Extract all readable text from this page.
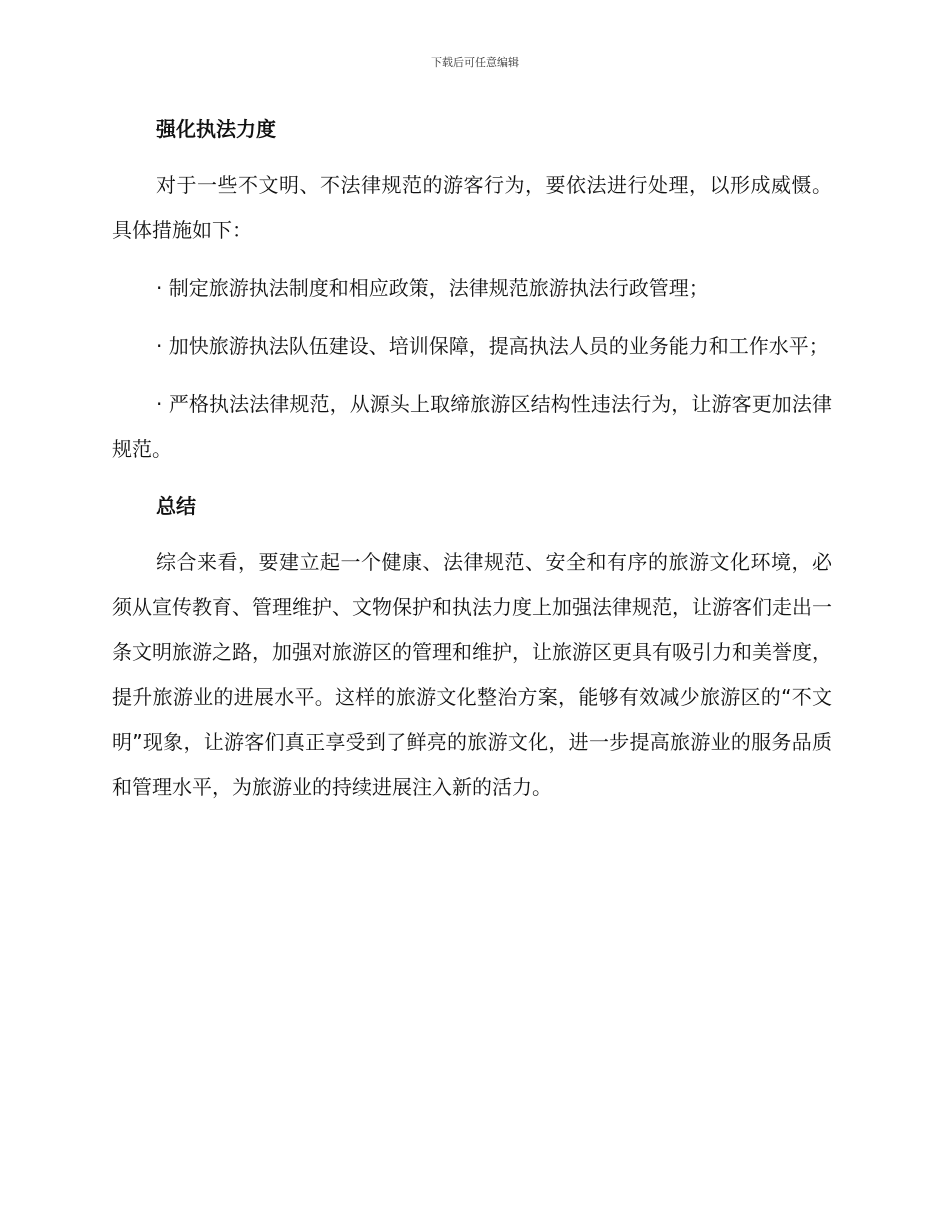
下载后可任意编辑
强化执法力度

对于一些不文明、不法律规范的游客行为，要依法进行处理，以形成威慑。具体措施如下：

· 制定旅游执法制度和相应政策，法律规范旅游执法行政管理；

· 加快旅游执法队伍建设、培训保障，提高执法人员的业务能力和工作水平；

· 严格执法法律规范，从源头上取缔旅游区结构性违法行为，让游客更加法律规范。

总结

综合来看，要建立起一个健康、法律规范、安全和有序的旅游文化环境，必须从宣传教育、管理维护、文物保护和执法力度上加强法律规范，让游客们走出一条文明旅游之路，加强对旅游区的管理和维护，让旅游区更具有吸引力和美誉度，提升旅游业的进展水平。这样的旅游文化整治方案，能够有效减少旅游区的“不文明”现象，让游客们真正享受到了鲜亮的旅游文化，进一步提高旅游业的服务品质和管理水平，为旅游业的持续进展注入新的活力。
